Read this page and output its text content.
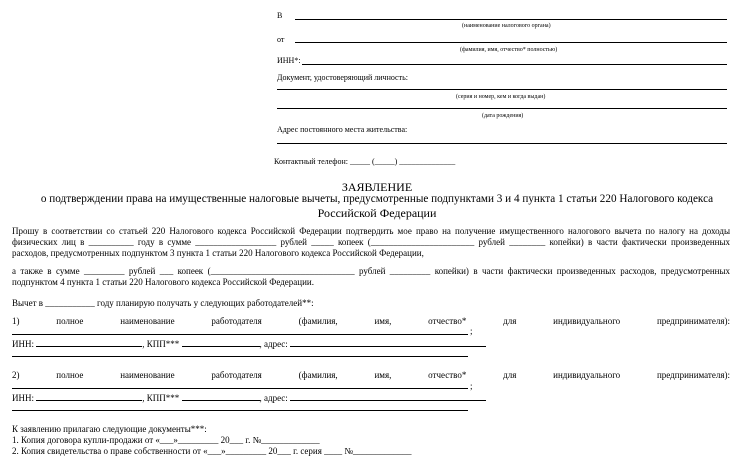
В
(наименование налогового органа)
от
(фамилия, имя, отчество* полностью)
ИНН*:
Документ, удостоверяющий личность:
(серия и номер, кем и когда выдан)
(дата рождения)
Адрес постоянного места жительства:
Контактный телефон: _____ (_____) ______________
ЗАЯВЛЕНИЕ
о подтверждении права на имущественные налоговые вычеты, предусмотренные подпунктами 3 и 4 пункта 1 статьи 220 Налогового кодекса
Российской Федерации
Прошу в соответствии со статьей 220 Налогового кодекса Российской Федерации подтвердить мое право на получение имущественного налогового вычета по налогу на доходы физических лиц в __________ году в сумме __________________ рублей _____ копеек (_______________________ рублей ________ копейки) в части фактически произведенных расходов, предусмотренных подпунктом 3 пункта 1 статьи 220 Налогового кодекса Российской Федерации,
а также в сумме _________ рублей ___ копеек (________________________________ рублей _________ копейки) в части фактически произведенных расходов, предусмотренных подпунктом 4 пункта 1 статьи 220 Налогового кодекса Российской Федерации.
Вычет в ___________ году планирую получать у следующих работодателей**:
1)	полное	наименование	работодателя	(фамилия,	имя,	отчество*	для	индивидуального	предпринимателя):
;
ИНН:	, КПП***	, адрес:
2)	полное	наименование	работодателя	(фамилия,	имя,	отчество*	для	индивидуального	предпринимателя):
;
ИНН:	, КПП***	, адрес:
К заявлению прилагаю следующие документы***:
1. Копия договора купли-продажи от «___»_________ 20___ г. №_____________
2. Копия свидетельства о праве собственности от «___»_________ 20___ г. серия ____ №_____________
